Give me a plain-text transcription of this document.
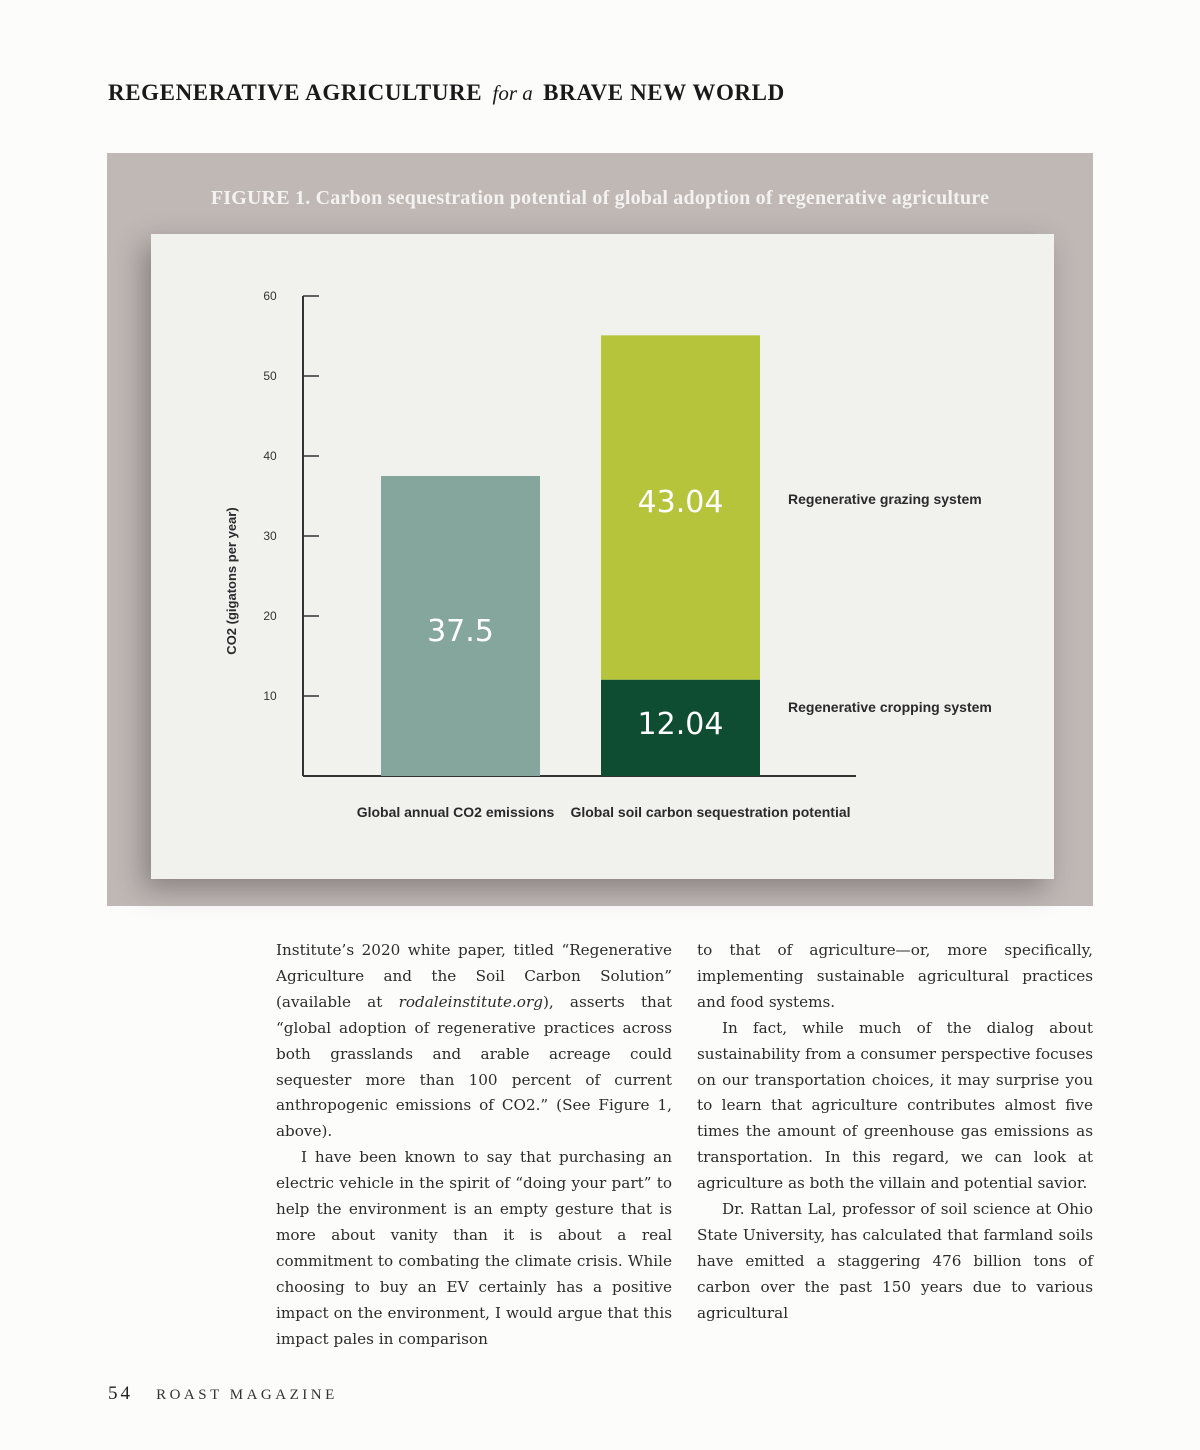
REGENERATIVE AGRICULTURE for a BRAVE NEW WORLD
FIGURE 1. Carbon sequestration potential of global adoption of regenerative agriculture
10
20
30
40
50
60
CO2 (gigatons per year)	37.5
12.04
43.04
Global annual CO2 emissions Global soil carbon sequestration potential
Regenerative grazing system
Regenerative cropping system

Institute’s 2020 white paper, titled “Regenerative Agriculture and the Soil Carbon Solution” (available at rodaleinstitute.org), asserts that “global adoption of regenerative practices across both grasslands and arable acreage could sequester more than 100 percent of current anthropogenic emissions of CO2.” (See Figure 1, above).

I have been known to say that purchasing an electric vehicle in the spirit of “doing your part” to help the environment is an empty gesture that is more about vanity than it is about a real commitment to combating the climate crisis. While choosing to buy an EV certainly has a positive impact on the environment, I would argue that this impact pales in comparison

to that of agriculture—or, more specifically, implementing sustainable agricultural practices and food systems.

In fact, while much of the dialog about sustainability from a consumer perspective focuses on our transportation choices, it may surprise you to learn that agriculture contributes almost five times the amount of greenhouse gas emissions as transportation. In this regard, we can look at agriculture as both the villain and potential savior.

Dr. Rattan Lal, professor of soil science at Ohio State University, has calculated that farmland soils have emitted a staggering 476 billion tons of carbon over the past 150 years due to various agricultural

54 ROAST MAGAZINE
